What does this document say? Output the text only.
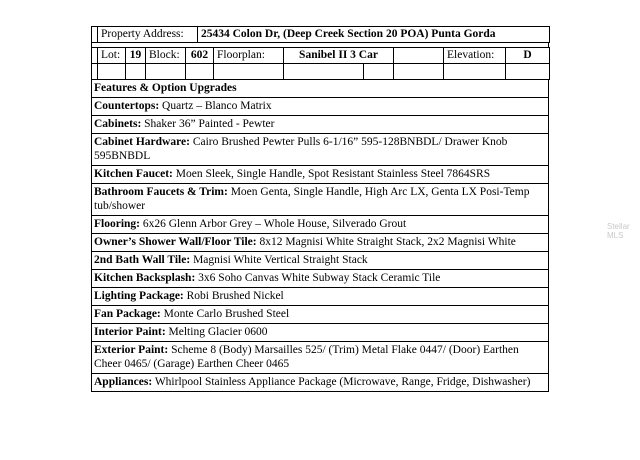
	Property Address:	25434 Colon Dr, (Deep Creek Section 20 POA) Punta Gorda
	Lot:	19	Block:	602	Floorplan:	Sanibel II 3 Car			Elevation:	D

Features & Option Upgrades
Countertops: Quartz – Blanco Matrix
Cabinets: Shaker 36” Painted - Pewter
Cabinet Hardware: Cairo Brushed Pewter Pulls 6-1/16” 595-128BNBDL/ Drawer Knob 595BNBDL
Kitchen Faucet: Moen Sleek, Single Handle, Spot Resistant Stainless Steel 7864SRS
Bathroom Faucets & Trim: Moen Genta, Single Handle, High Arc LX, Genta LX Posi-Temp tub/shower
Flooring: 6x26 Glenn Arbor Grey – Whole House, Silverado Grout
Owner’s Shower Wall/Floor Tile: 8x12 Magnisi White Straight Stack, 2x2 Magnisi White
2nd Bath Wall Tile: Magnisi White Vertical Straight Stack
Kitchen Backsplash: 3x6 Soho Canvas White Subway Stack Ceramic Tile
Lighting Package: Robi Brushed Nickel
Fan Package: Monte Carlo Brushed Steel
Interior Paint: Melting Glacier 0600
Exterior Paint: Scheme 8 (Body) Marsailles 525/ (Trim) Metal Flake 0447/ (Door) Earthen Cheer 0465/ (Garage) Earthen Cheer 0465
Appliances: Whirlpool Stainless Appliance Package (Microwave, Range, Fridge, Dishwasher)
Stellar MLS
